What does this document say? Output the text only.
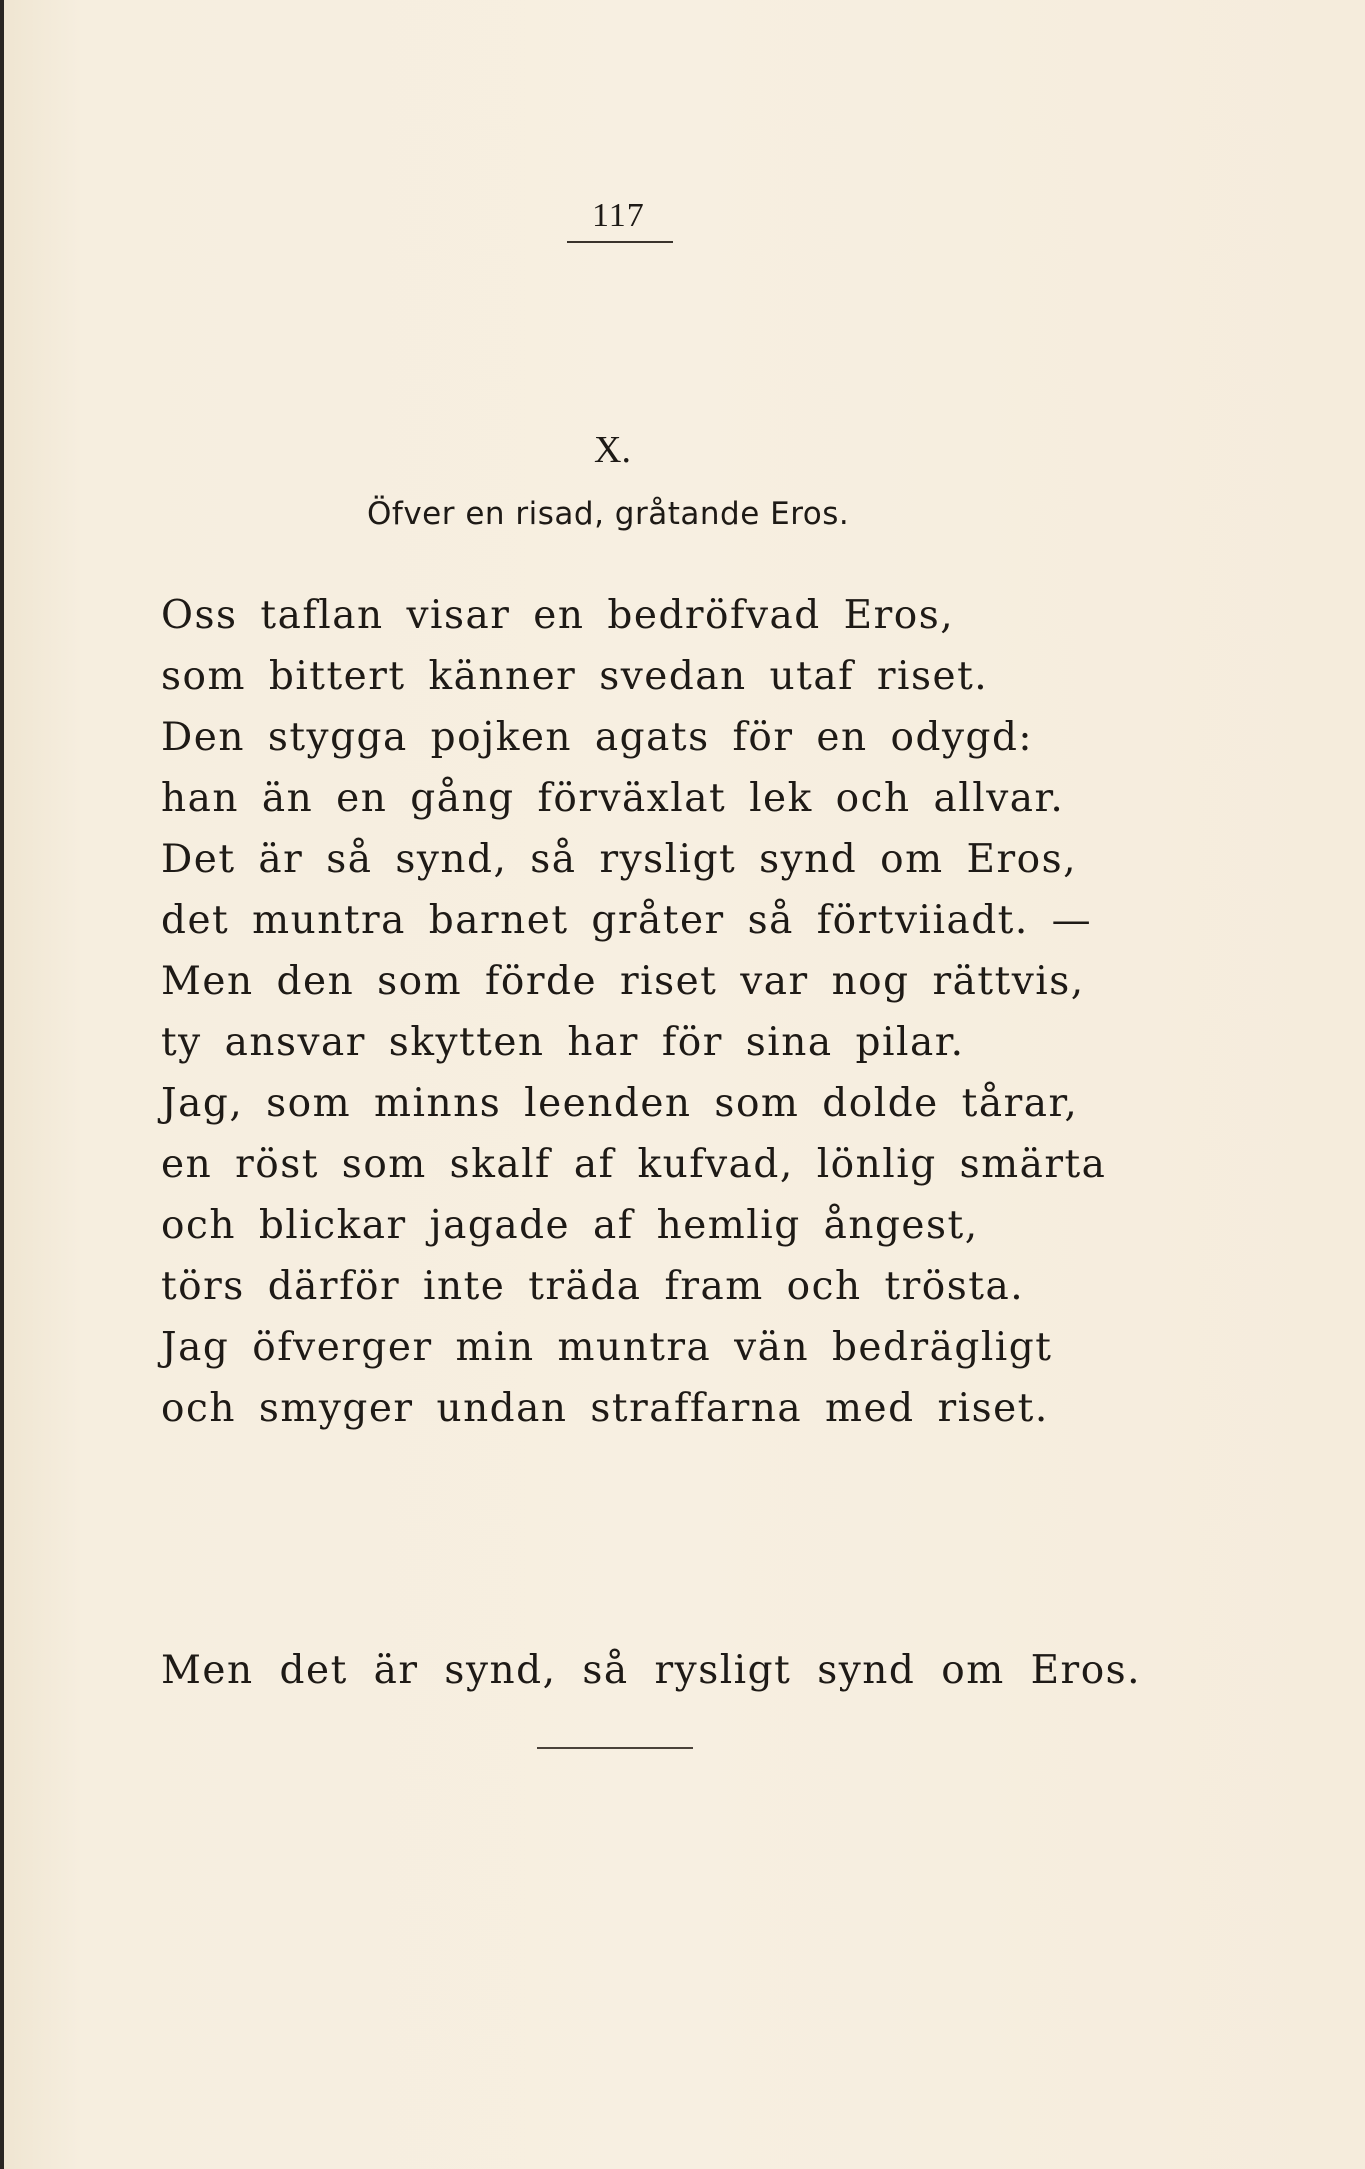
117
X.
Öfver en risad, gråtande Eros.
Oss taflan visar en bedröfvad Eros,
som bittert känner svedan utaf riset.
Den stygga pojken agats för en odygd:
han än en gång förväxlat lek och allvar.
Det är så synd, så rysligt synd om Eros,
det muntra barnet gråter så förtviiadt. —
Men den som förde riset var nog rättvis,
ty ansvar skytten har för sina pilar.
Jag, som minns leenden som dolde tårar,
en röst som skalf af kufvad, lönlig smärta
och blickar jagade af hemlig ångest,
törs därför inte träda fram och trösta.
Jag öfverger min muntra vän bedrägligt
och smyger undan straffarna med riset.
Men det är synd, så rysligt synd om Eros.
